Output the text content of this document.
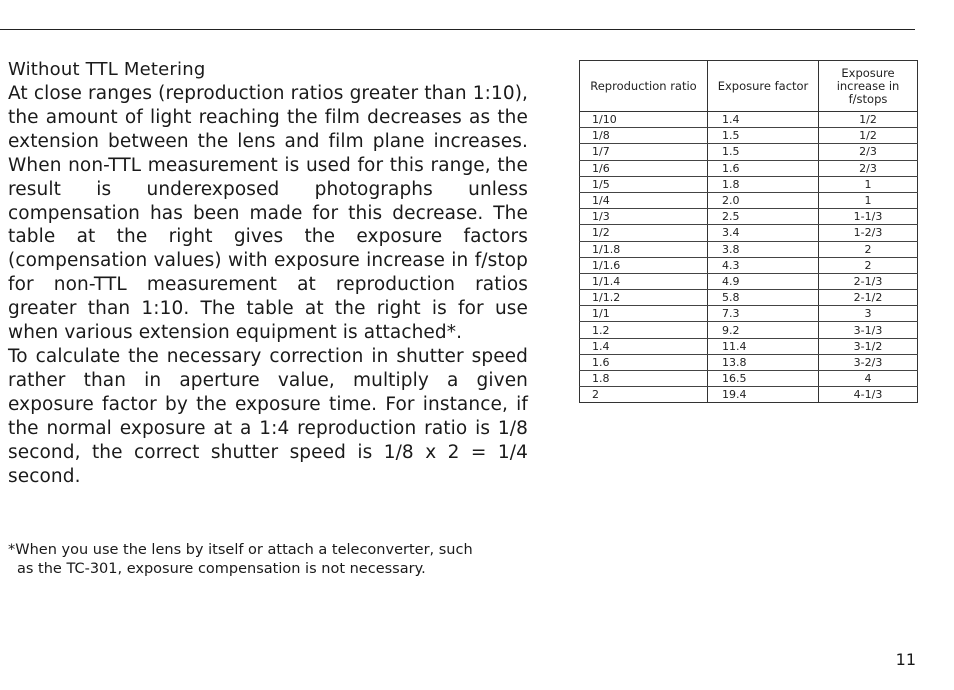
Without TTL Metering

At close ranges (reproduction ratios greater than 1:10), the amount of light reaching the film decreases as the extension between the lens and film plane increases. When non-TTL measurement is used for this range, the result is underexposed photographs unless compensation has been made for this decrease. The table at the right gives the exposure factors (compensation values) with exposure increase in f/stop for non-TTL measurement at reproduction ratios greater than 1:10. The table at the right is for use when various extension equipment is attached*.

To calculate the necessary correction in shutter speed rather than in aperture value, multiply a given exposure factor by the exposure time. For instance, if the normal exposure at a 1:4 reproduction ratio is 1/8 second, the correct shutter speed is 1/8 x 2 = 1/4 second.

*When you use the lens by itself or attach a teleconverter, such
as the TC-301, exposure compensation is not necessary.
Reproduction ratio	Exposure factor	Exposure increase in f/stops
1/10	1.4	1/2
1/8	1.5	1/2
1/7	1.5	2/3
1/6	1.6	2/3
1/5	1.8	1
1/4	2.0	1
1/3	2.5	1-1/3
1/2	3.4	1-2/3
1/1.8	3.8	2
1/1.6	4.3	2
1/1.4	4.9	2-1/3
1/1.2	5.8	2-1/2
1/1	7.3	3
1.2	9.2	3-1/3
1.4	11.4	3-1/2
1.6	13.8	3-2/3
1.8	16.5	4
2	19.4	4-1/3
11
